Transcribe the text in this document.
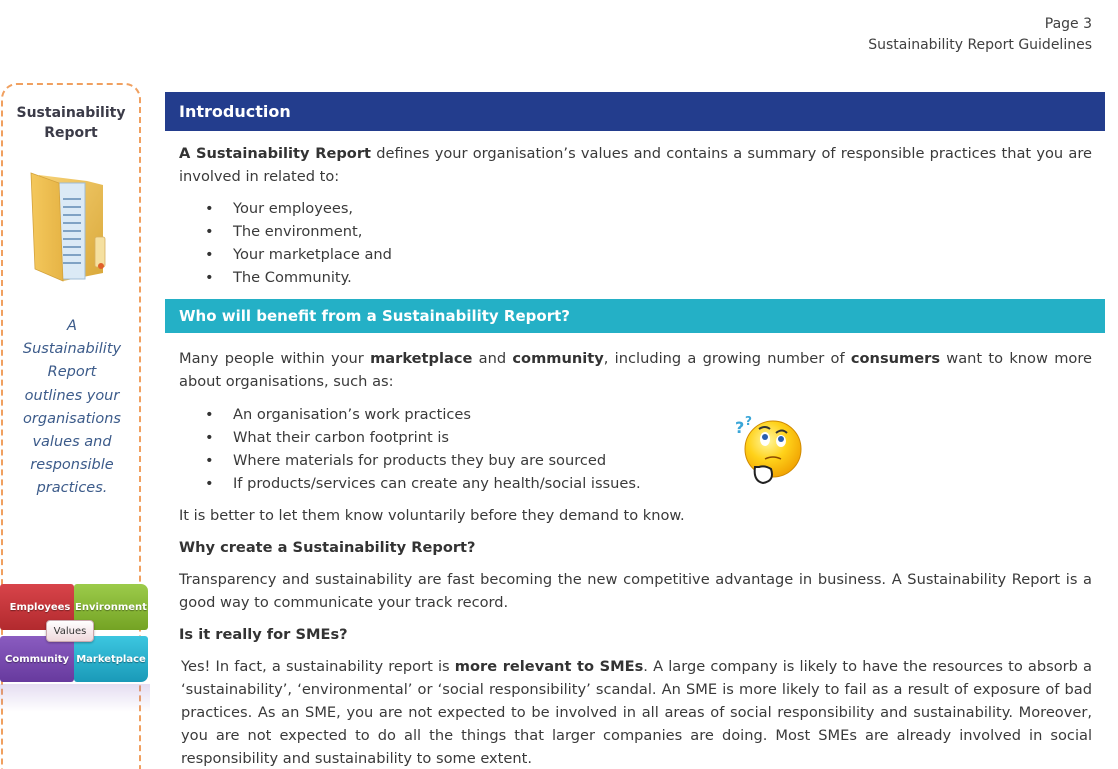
Page 3
Sustainability Report Guidelines
Sustainability
Report
A
Sustainability
Report
outlines your
organisations
values and
responsible
practices.
Employees Environment
Community Marketplace
Values
Introduction

A Sustainability Report defines your organisation’s values and contains a summary of responsible practices that you are involved in related to:

• Your employees,
• The environment,
• Your marketplace and
• The Community.
Who will benefit from a Sustainability Report?

Many people within your marketplace and community, including a growing number of consumers want to know more about organisations, such as:

• An organisation’s work practices
• What their carbon footprint is
• Where materials for products they buy are sourced
• If products/services can create any health/social issues.

It is better to let them know voluntarily before they demand to know.

Why create a Sustainability Report?

Transparency and sustainability are fast becoming the new competitive advantage in business. A Sustainability Report is a good way to communicate your track record.

Is it really for SMEs?

Yes! In fact, a sustainability report is more relevant to SMEs. A large company is likely to have the resources to absorb a ‘sustainability’, ‘environmental’ or ‘social responsibility’ scandal. An SME is more likely to fail as a result of exposure of bad practices. As an SME, you are not expected to be involved in all areas of social responsibility and sustainability. Moreover, you are not expected to do all the things that larger companies are doing. Most SMEs are already involved in social responsibility and sustainability to some extent.

? ?
